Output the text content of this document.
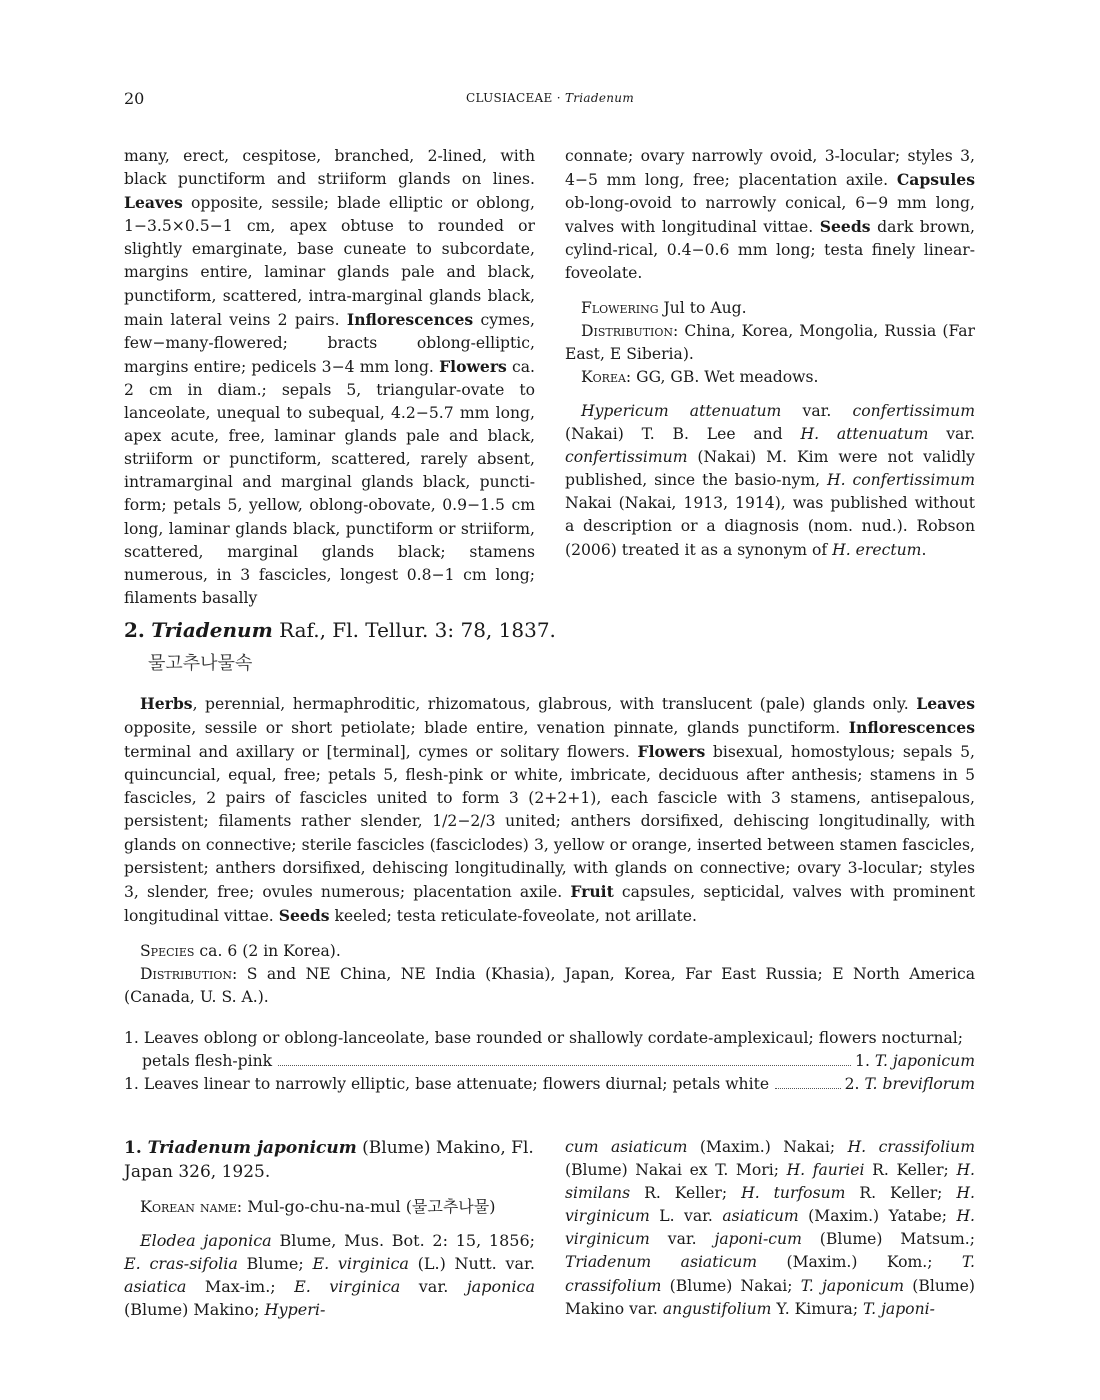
20	CLUSIACEAE · Triadenum

many, erect, cespitose, branched, 2-lined, with black punctiform and striiform glands on lines. Leaves opposite, sessile; blade elliptic or oblong, 1−3.5×0.5−1 cm, apex obtuse to rounded or slightly emarginate, base cuneate to subcordate, margins entire, laminar glands pale and black, punctiform, scattered, intra-marginal glands black, main lateral veins 2 pairs. Inflorescences cymes, few−many-flowered; bracts oblong-elliptic, margins entire; pedicels 3−4 mm long. Flowers ca. 2 cm in diam.; sepals 5, triangular-ovate to lanceolate, unequal to subequal, 4.2−5.7 mm long, apex acute, free, laminar glands pale and black, striiform or punctiform, scattered, rarely absent, intramarginal and marginal glands black, puncti-form; petals 5, yellow, oblong-obovate, 0.9−1.5 cm long, laminar glands black, punctiform or striiform, scattered, marginal glands black; stamens numerous, in 3 fascicles, longest 0.8−1 cm long; filaments basally

connate; ovary narrowly ovoid, 3-locular; styles 3, 4−5 mm long, free; placentation axile. Capsules ob-long-ovoid to narrowly conical, 6−9 mm long, valves with longitudinal vittae. Seeds dark brown, cylind-rical, 0.4−0.6 mm long; testa finely linear-foveolate.

Flowering Jul to Aug.

Distribution: China, Korea, Mongolia, Russia (Far East, E Siberia).

Korea: GG, GB. Wet meadows.

Hypericum attenuatum var. confertissimum (Nakai) T. B. Lee and H. attenuatum var. confertissimum (Nakai) M. Kim were not validly published, since the basio-nym, H. confertissimum Nakai (Nakai, 1913, 1914), was published without a description or a diagnosis (nom. nud.). Robson (2006) treated it as a synonym of H. erectum.

2. Triadenum Raf., Fl. Tellur. 3: 78, 1837.
물고추나물속

Herbs, perennial, hermaphroditic, rhizomatous, glabrous, with translucent (pale) glands only. Leaves opposite, sessile or short petiolate; blade entire, venation pinnate, glands punctiform. Inflorescences terminal and axillary or [terminal], cymes or solitary flowers. Flowers bisexual, homostylous; sepals 5, quincuncial, equal, free; petals 5, flesh-pink or white, imbricate, deciduous after anthesis; stamens in 5 fascicles, 2 pairs of fascicles united to form 3 (2+2+1), each fascicle with 3 stamens, antisepalous, persistent; filaments rather slender, 1/2−2/3 united; anthers dorsifixed, dehiscing longitudinally, with glands on connective; sterile fascicles (fasciclodes) 3, yellow or orange, inserted between stamen fascicles, persistent; anthers dorsifixed, dehiscing longitudinally, with glands on connective; ovary 3-locular; styles 3, slender, free; ovules numerous; placentation axile. Fruit capsules, septicidal, valves with prominent longitudinal vittae. Seeds keeled; testa reticulate-foveolate, not arillate.

Species ca. 6 (2 in Korea).

Distribution: S and NE China, NE India (Khasia), Japan, Korea, Far East Russia; E North America (Canada, U. S. A.).

1. Leaves oblong or oblong-lanceolate, base rounded or shallowly cordate-amplexicaul; flowers nocturnal;
petals flesh-pink	1. T. japonicum
1. Leaves linear to narrowly elliptic, base attenuate; flowers diurnal; petals white	2. T. breviflorum

1. Triadenum japonicum (Blume) Makino, Fl. Japan 326, 1925.

Korean name: Mul-go-chu-na-mul (물고추나물)

Elodea japonica Blume, Mus. Bot. 2: 15, 1856; E. cras-sifolia Blume; E. virginica (L.) Nutt. var. asiatica Max-im.; E. virginica var. japonica (Blume) Makino; Hyperi-

cum asiaticum (Maxim.) Nakai; H. crassifolium (Blume) Nakai ex T. Mori; H. fauriei R. Keller; H. similans R. Keller; H. turfosum R. Keller; H. virginicum L. var. asiaticum (Maxim.) Yatabe; H. virginicum var. japoni-cum (Blume) Matsum.; Triadenum asiaticum (Maxim.) Kom.; T. crassifolium (Blume) Nakai; T. japonicum (Blume) Makino var. angustifolium Y. Kimura; T. japoni-
